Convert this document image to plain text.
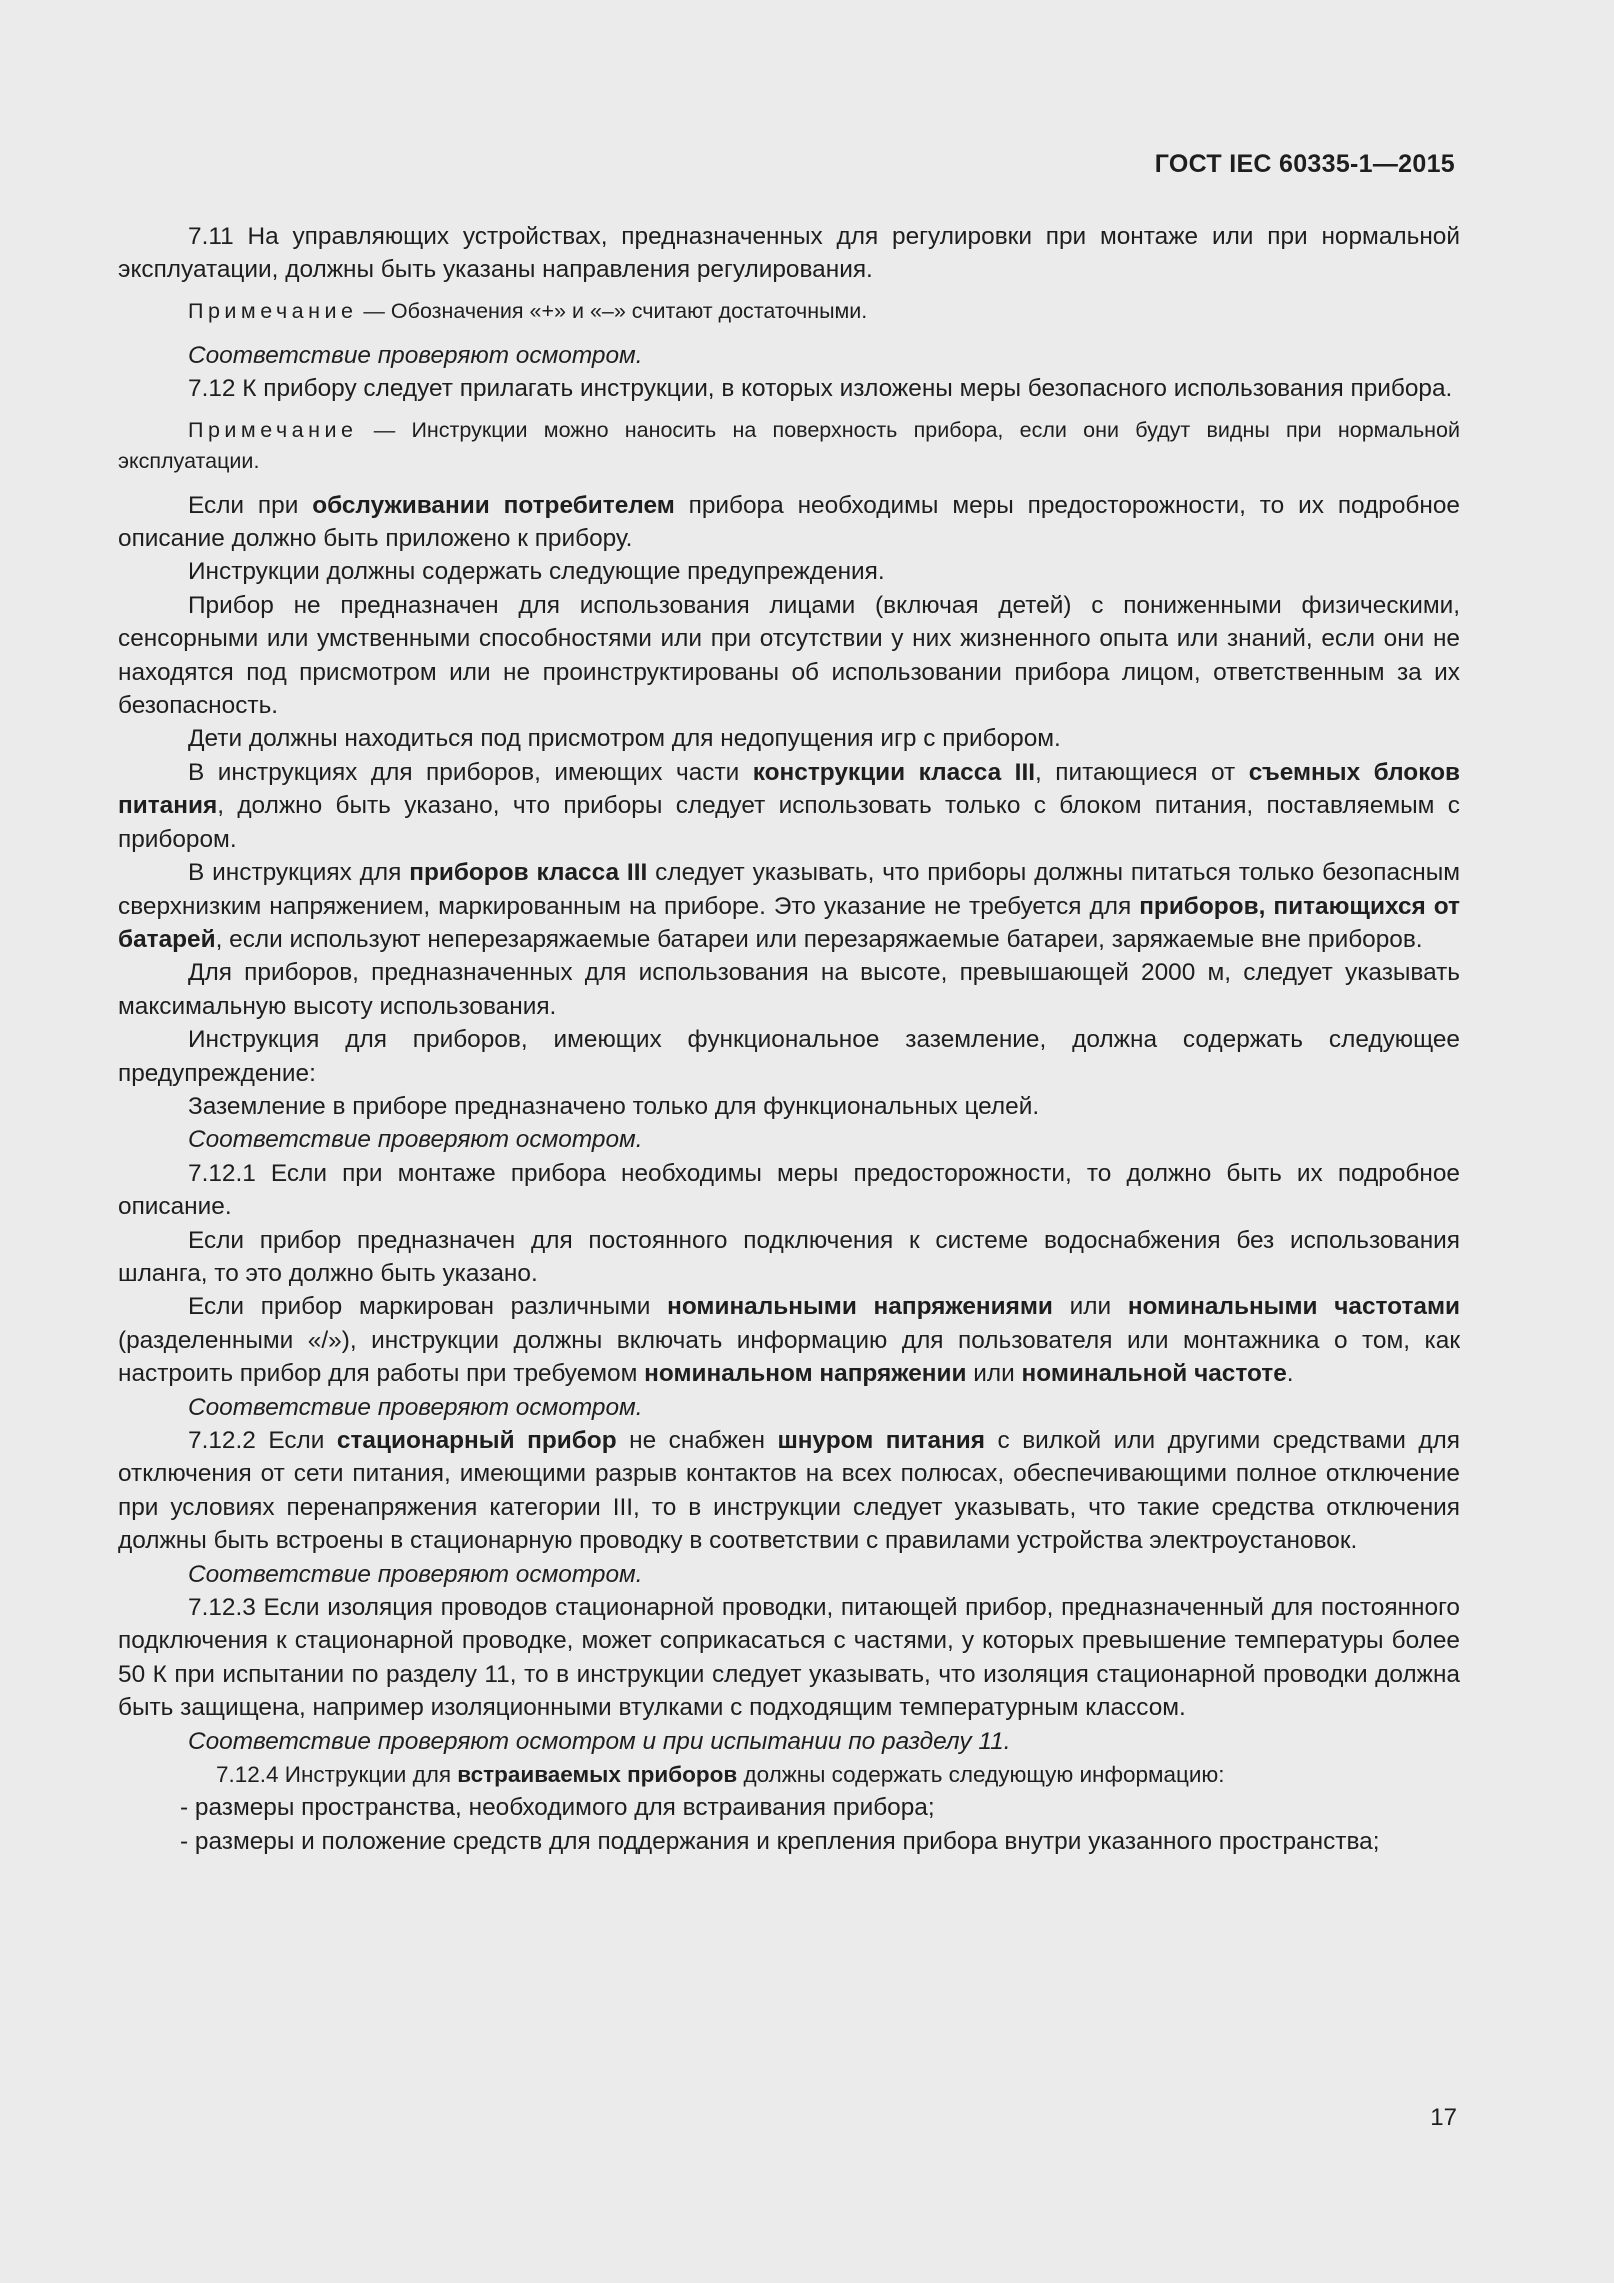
ГОСТ IEC 60335-1—2015

7.11 На управляющих устройствах, предназначенных для регулировки при монтаже или при нормальной эксплуатации, должны быть указаны направления регулирования.

Примечание — Обозначения «+» и «–» считают достаточными.

Соответствие проверяют осмотром.

7.12 К прибору следует прилагать инструкции, в которых изложены меры безопасного использования прибора.

Примечание — Инструкции можно наносить на поверхность прибора, если они будут видны при нормальной эксплуатации.

Если при обслуживании потребителем прибора необходимы меры предосторожности, то их подробное описание должно быть приложено к прибору.

Инструкции должны содержать следующие предупреждения.

Прибор не предназначен для использования лицами (включая детей) с пониженными физическими, сенсорными или умственными способностями или при отсутствии у них жизненного опыта или знаний, если они не находятся под присмотром или не проинструктированы об использовании прибора лицом, ответственным за их безопасность.

Дети должны находиться под присмотром для недопущения игр с прибором.

В инструкциях для приборов, имеющих части конструкции класса III, питающиеся от съемных блоков питания, должно быть указано, что приборы следует использовать только с блоком питания, поставляемым с прибором.

В инструкциях для приборов класса III следует указывать, что приборы должны питаться только безопасным сверхнизким напряжением, маркированным на приборе. Это указание не требуется для приборов, питающихся от батарей, если используют неперезаряжаемые батареи или перезаряжаемые батареи, заряжаемые вне приборов.

Для приборов, предназначенных для использования на высоте, превышающей 2000 м, следует указывать максимальную высоту использования.

Инструкция для приборов, имеющих функциональное заземление, должна содержать следующее предупреждение:

Заземление в приборе предназначено только для функциональных целей.

Соответствие проверяют осмотром.

7.12.1 Если при монтаже прибора необходимы меры предосторожности, то должно быть их подробное описание.

Если прибор предназначен для постоянного подключения к системе водоснабжения без использования шланга, то это должно быть указано.

Если прибор маркирован различными номинальными напряжениями или номинальными частотами (разделенными «/»), инструкции должны включать информацию для пользователя или монтажника о том, как настроить прибор для работы при требуемом номинальном напряжении или номинальной частоте.

Соответствие проверяют осмотром.

7.12.2 Если стационарный прибор не снабжен шнуром питания с вилкой или другими средствами для отключения от сети питания, имеющими разрыв контактов на всех полюсах, обеспечивающими полное отключение при условиях перенапряжения категории III, то в инструкции следует указывать, что такие средства отключения должны быть встроены в стационарную проводку в соответствии с правилами устройства электроустановок.

Соответствие проверяют осмотром.

7.12.3 Если изоляция проводов стационарной проводки, питающей прибор, предназначенный для постоянного подключения к стационарной проводке, может соприкасаться с частями, у которых превышение температуры более 50 К при испытании по разделу 11, то в инструкции следует указывать, что изоляция стационарной проводки должна быть защищена, например изоляционными втулками с подходящим температурным классом.

Соответствие проверяют осмотром и при испытании по разделу 11.

7.12.4 Инструкции для встраиваемых приборов должны содержать следующую информацию:

- размеры пространства, необходимого для встраивания прибора;

- размеры и положение средств для поддержания и крепления прибора внутри указанного пространства;

17
